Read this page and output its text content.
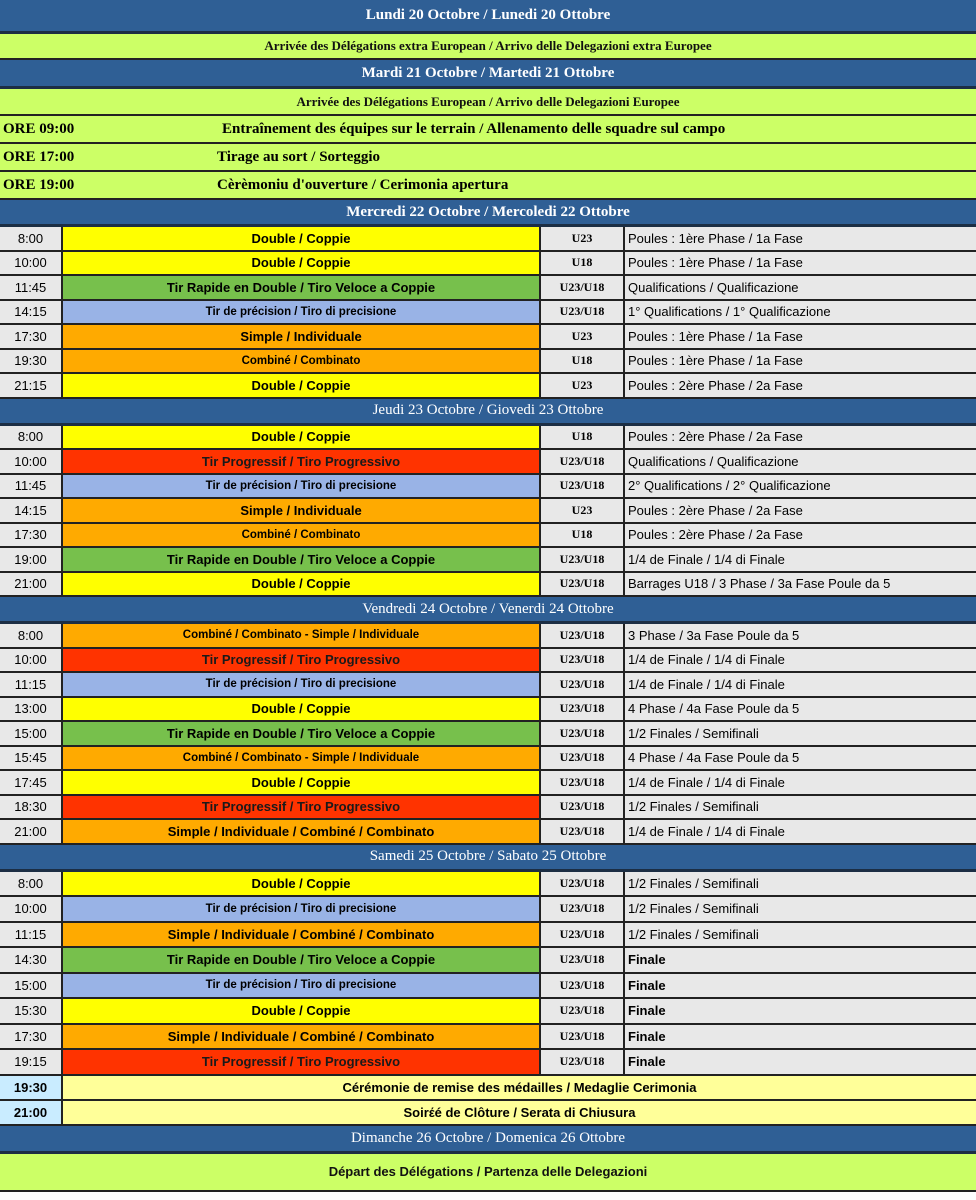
Lundi 20 Octobre / Lunedi 20 Ottobre
Arrivée des Délégations extra European / Arrivo delle Delegazioni extra Europee
Mardi 21 Octobre / Martedi 21 Ottobre
Arrivée des Délégations European / Arrivo delle Delegazioni Europee
ORE 09:00	Entraînement des équipes sur le terrain / Allenamento delle squadre sul campo
ORE 17:00	Tirage au sort / Sorteggio
ORE 19:00	Cèrèmoniu d'ouverture / Cerimonia apertura
Mercredi 22 Octobre / Mercoledi 22 Ottobre
8:00	Double / Coppie	U23	Poules : 1ère Phase / 1a Fase
10:00	Double / Coppie	U18	Poules : 1ère Phase / 1a Fase
11:45	Tir Rapide en Double / Tiro Veloce a Coppie	U23/U18	Qualifications / Qualificazione
14:15	Tir de précision / Tiro di precisione	U23/U18	1° Qualifications / 1° Qualificazione
17:30	Simple / Individuale	U23	Poules : 1ère Phase / 1a Fase
19:30	Combiné / Combinato	U18	Poules : 1ère Phase / 1a Fase
21:15	Double / Coppie	U23	Poules : 2ère Phase / 2a Fase
Jeudi 23 Octobre / Giovedi 23 Ottobre
8:00	Double / Coppie	U18	Poules : 2ère Phase / 2a Fase
10:00	Tir Progressif / Tiro Progressivo	U23/U18	Qualifications / Qualificazione
11:45	Tir de précision / Tiro di precisione	U23/U18	2° Qualifications / 2° Qualificazione
14:15	Simple / Individuale	U23	Poules : 2ère Phase / 2a Fase
17:30	Combiné / Combinato	U18	Poules : 2ère Phase / 2a Fase
19:00	Tir Rapide en Double / Tiro Veloce a Coppie	U23/U18	1/4 de Finale / 1/4 di Finale
21:00	Double / Coppie	U23/U18	Barrages U18 / 3 Phase / 3a Fase Poule da 5
Vendredi 24 Octobre / Venerdi 24 Ottobre
8:00	Combiné / Combinato - Simple / Individuale	U23/U18	3 Phase / 3a Fase Poule da 5
10:00	Tir Progressif / Tiro Progressivo	U23/U18	1/4 de Finale / 1/4 di Finale
11:15	Tir de précision / Tiro di precisione	U23/U18	1/4 de Finale / 1/4 di Finale
13:00	Double / Coppie	U23/U18	4 Phase / 4a Fase Poule da 5
15:00	Tir Rapide en Double / Tiro Veloce a Coppie	U23/U18	1/2 Finales / Semifinali
15:45	Combiné / Combinato - Simple / Individuale	U23/U18	4 Phase / 4a Fase Poule da 5
17:45	Double / Coppie	U23/U18	1/4 de Finale / 1/4 di Finale
18:30	Tir Progressif / Tiro Progressivo	U23/U18	1/2 Finales / Semifinali
21:00	Simple / Individuale / Combiné / Combinato	U23/U18	1/4 de Finale / 1/4 di Finale
Samedi 25 Octobre / Sabato 25 Ottobre
8:00	Double / Coppie	U23/U18	1/2 Finales / Semifinali
10:00	Tir de précision / Tiro di precisione	U23/U18	1/2 Finales / Semifinali
11:15	Simple / Individuale / Combiné / Combinato	U23/U18	1/2 Finales / Semifinali
14:30	Tir Rapide en Double / Tiro Veloce a Coppie	U23/U18	Finale
15:00	Tir de précision / Tiro di precisione	U23/U18	Finale
15:30	Double / Coppie	U23/U18	Finale
17:30	Simple / Individuale / Combiné / Combinato	U23/U18	Finale
19:15	Tir Progressif / Tiro Progressivo	U23/U18	Finale
19:30	Cérémonie de remise des médailles / Medaglie Cerimonia
21:00	Soirέé de Clôture / Serata di Chiusura
Dimanche 26 Octobre / Domenica 26 Ottobre
Départ des Délégations / Partenza delle Delegazioni
